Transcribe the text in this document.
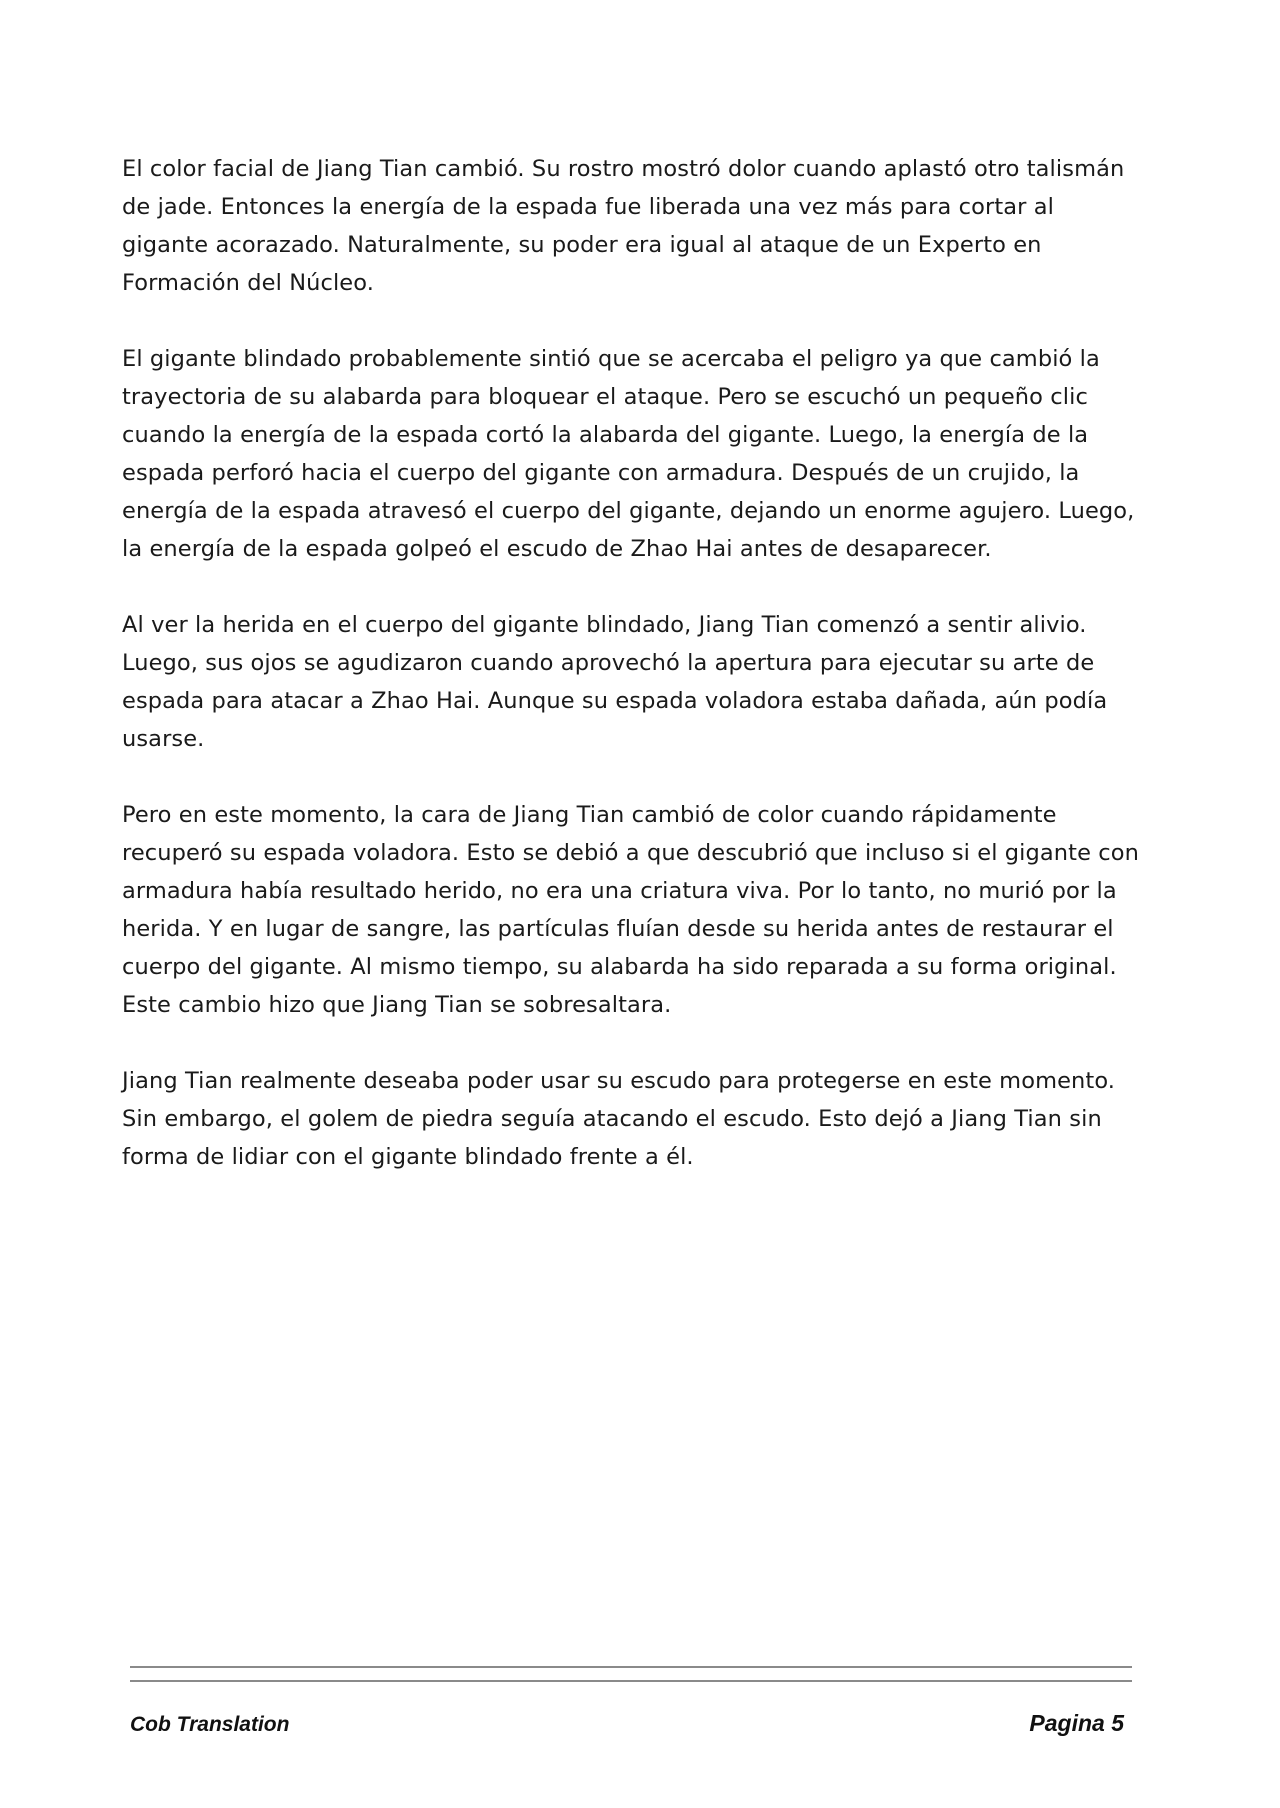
El color facial de Jiang Tian cambió. Su rostro mostró dolor cuando aplastó otro talismán de jade. Entonces la energía de la espada fue liberada una vez más para cortar al gigante acorazado. Naturalmente, su poder era igual al ataque de un Experto en Formación del Núcleo.

El gigante blindado probablemente sintió que se acercaba el peligro ya que cambió la trayectoria de su alabarda para bloquear el ataque. Pero se escuchó un pequeño clic cuando la energía de la espada cortó la alabarda del gigante. Luego, la energía de la espada perforó hacia el cuerpo del gigante con armadura. Después de un crujido, la energía de la espada atravesó el cuerpo del gigante, dejando un enorme agujero. Luego, la energía de la espada golpeó el escudo de Zhao Hai antes de desaparecer.

Al ver la herida en el cuerpo del gigante blindado, Jiang Tian comenzó a sentir alivio. Luego, sus ojos se agudizaron cuando aprovechó la apertura para ejecutar su arte de espada para atacar a Zhao Hai. Aunque su espada voladora estaba dañada, aún podía usarse.

Pero en este momento, la cara de Jiang Tian cambió de color cuando rápidamente recuperó su espada voladora. Esto se debió a que descubrió que incluso si el gigante con armadura había resultado herido, no era una criatura viva. Por lo tanto, no murió por la herida. Y en lugar de sangre, las partículas fluían desde su herida antes de restaurar el cuerpo del gigante. Al mismo tiempo, su alabarda ha sido reparada a su forma original. Este cambio hizo que Jiang Tian se sobresaltara.

Jiang Tian realmente deseaba poder usar su escudo para protegerse en este momento. Sin embargo, el golem de piedra seguía atacando el escudo. Esto dejó a Jiang Tian sin forma de lidiar con el gigante blindado frente a él.

Cob Translation	Pagina 5
